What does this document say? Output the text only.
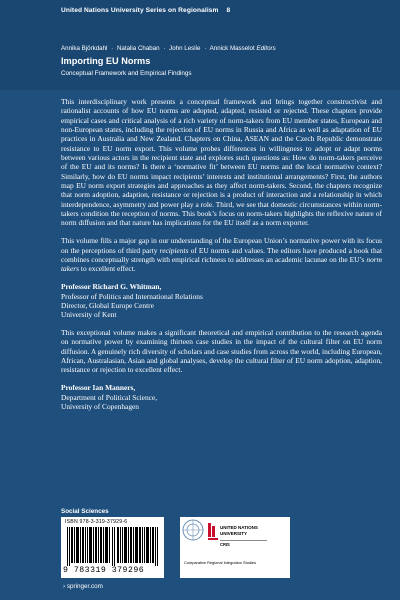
United Nations University Series on Regionalism 8
Annika Björkdahl · Natalia Chaban · John Leslie · Annick Masselot Editors
Importing EU Norms
Conceptual Framework and Empirical Findings

This interdisciplinary work presents a conceptual framework and brings together constructivist and rationalist accounts of how EU norms are adopted, adapted, resisted or rejected. These chapters provide empirical cases and critical analysis of a rich variety of norm-takers from EU member states, European and non-European states, including the rejection of EU norms in Russia and Africa as well as adaptation of EU practices in Australia and New Zealand. Chapters on China, ASEAN and the Czech Republic demonstrate resistance to EU norm export. This volume probes differences in willingness to adopt or adapt norms between various actors in the recipient state and explores such questions as: How do norm-takers perceive of the EU and its norms? Is there a ‘normative fit’ between EU norms and the local normative context? Similarly, how do EU norms impact recipients’ interests and institutional arrangements? First, the authors map EU norm export strategies and approaches as they affect norm-takers. Second, the chapters recognize that norm adoption, adaption, resistance or rejection is a product of interaction and a relationship in which interdependence, asymmetry and power play a role. Third, we see that domestic circumstances within norm-takers condition the reception of norms. This book’s focus on norm-takers highlights the reflexive nature of norm diffusion and that nature has implications for the EU itself as a norm exporter.

This volume fills a major gap in our understanding of the European Union’s normative power with its focus on the perceptions of third party recipients of EU norms and values. The editors have produced a book that combines conceptually strength with empirical richness to addresses an academic lacunae on the EU’s norm takers to excellent effect.

Professor Richard G. Whitman,
Professor of Politics and International Relations
Director, Global Europe Centre
University of Kent

This exceptional volume makes a significant theoretical and empirical contribution to the research agenda on normative power by examining thirteen case studies in the impact of the cultural filter on EU norm diffusion. A genuinely rich diversity of scholars and case studies from across the world, including European, African, Australasian, Asian and global analyses, develop the cultural filter of EU norm adoption, adaption, resistance or rejection to excellent effect.

Professor Ian Manners,
Department of Political Science,
University of Copenhagen
Social Sciences
ISBN 978-3-319-37929-6
9 783319 379296
UNITED NATIONS
UNIVERSITY
CRIS
Comparative Regional Integration Studies
› springer.com
